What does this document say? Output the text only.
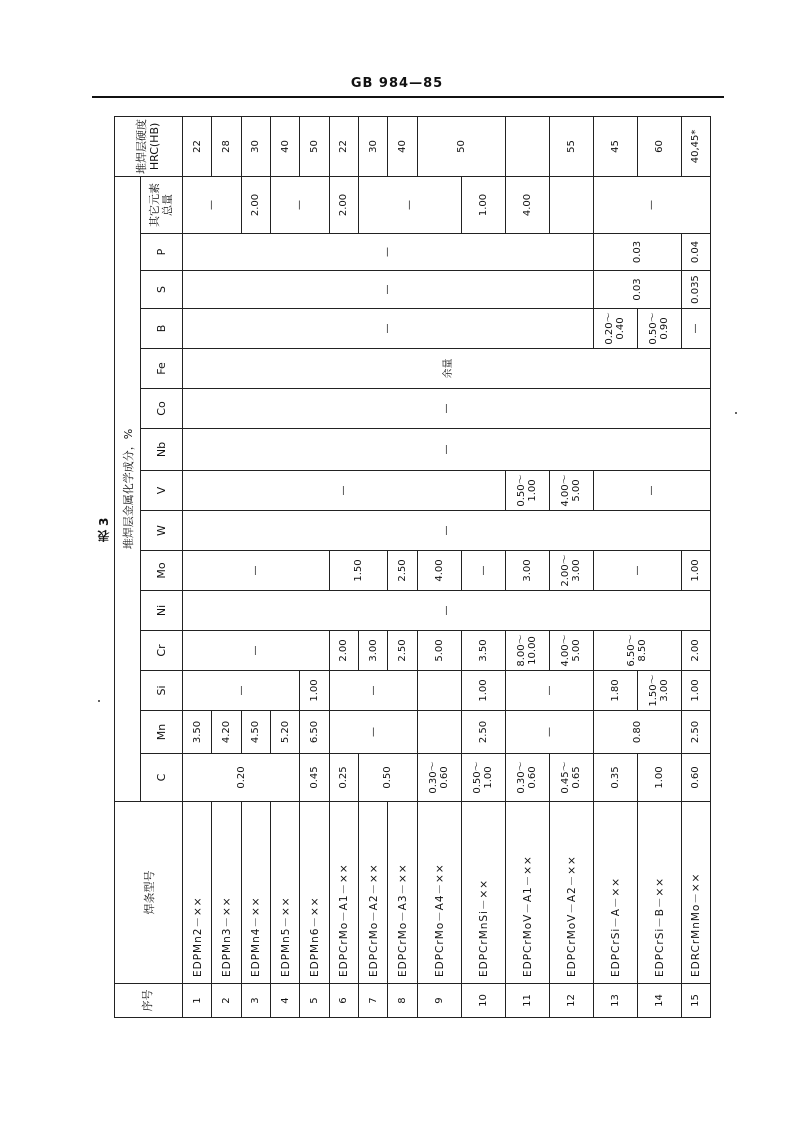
GB 984—85
表 3
序号	焊条型号	堆焊层金属化学成分，%															堆焊层硬度HRC(HB)
		C	Mn	Si	Cr	Ni	Mo	W	V	Nb	Co	Fe	B	S	P	其它元素总量	
1	EDPMn2－××	0.20	3.50	—	—	—	—	—	—	—	—	余量	—	—	—	—	22
2	EDPMn3－××		4.20														28
3	EDPMn4－××		4.50													2.00	30
4	EDPMn5－××		5.20													—	40
5	EDPMn6－××	0.45	6.50	1.00													50
6	EDPCrMo－A1－××	0.25	—	—	2.00		1.50									2.00	22
7	EDPCrMo－A2－××	0.50			3.00											—	30
8	EDPCrMo－A3－××				2.50		2.50										40
9	EDPCrMo－A4－××	0.30～0.60			5.00		4.00										50
10	EDPCrMnSi－××	0.50～1.00	2.50	1.00	3.50		—									1.00	
11	EDPCrMoV－A1－××	0.30～0.60	—	—	8.00～10.00		3.00		0.50～1.00							4.00	
12	EDPCrMoV－A2－××	0.45～0.65			4.00～5.00		2.00～3.00		4.00～5.00								55
13	EDPCrSi－A－××	0.35	0.80	1.80	6.50～8.50		—		—				0.20～0.40	0.03	0.03	—	45
14	EDPCrSi－B－××	1.00		1.50～3.00									0.50～0.90				60
15	EDRCrMnMo－××	0.60	2.50	1.00	2.00		1.00						—	0.035	0.04		40,45*
